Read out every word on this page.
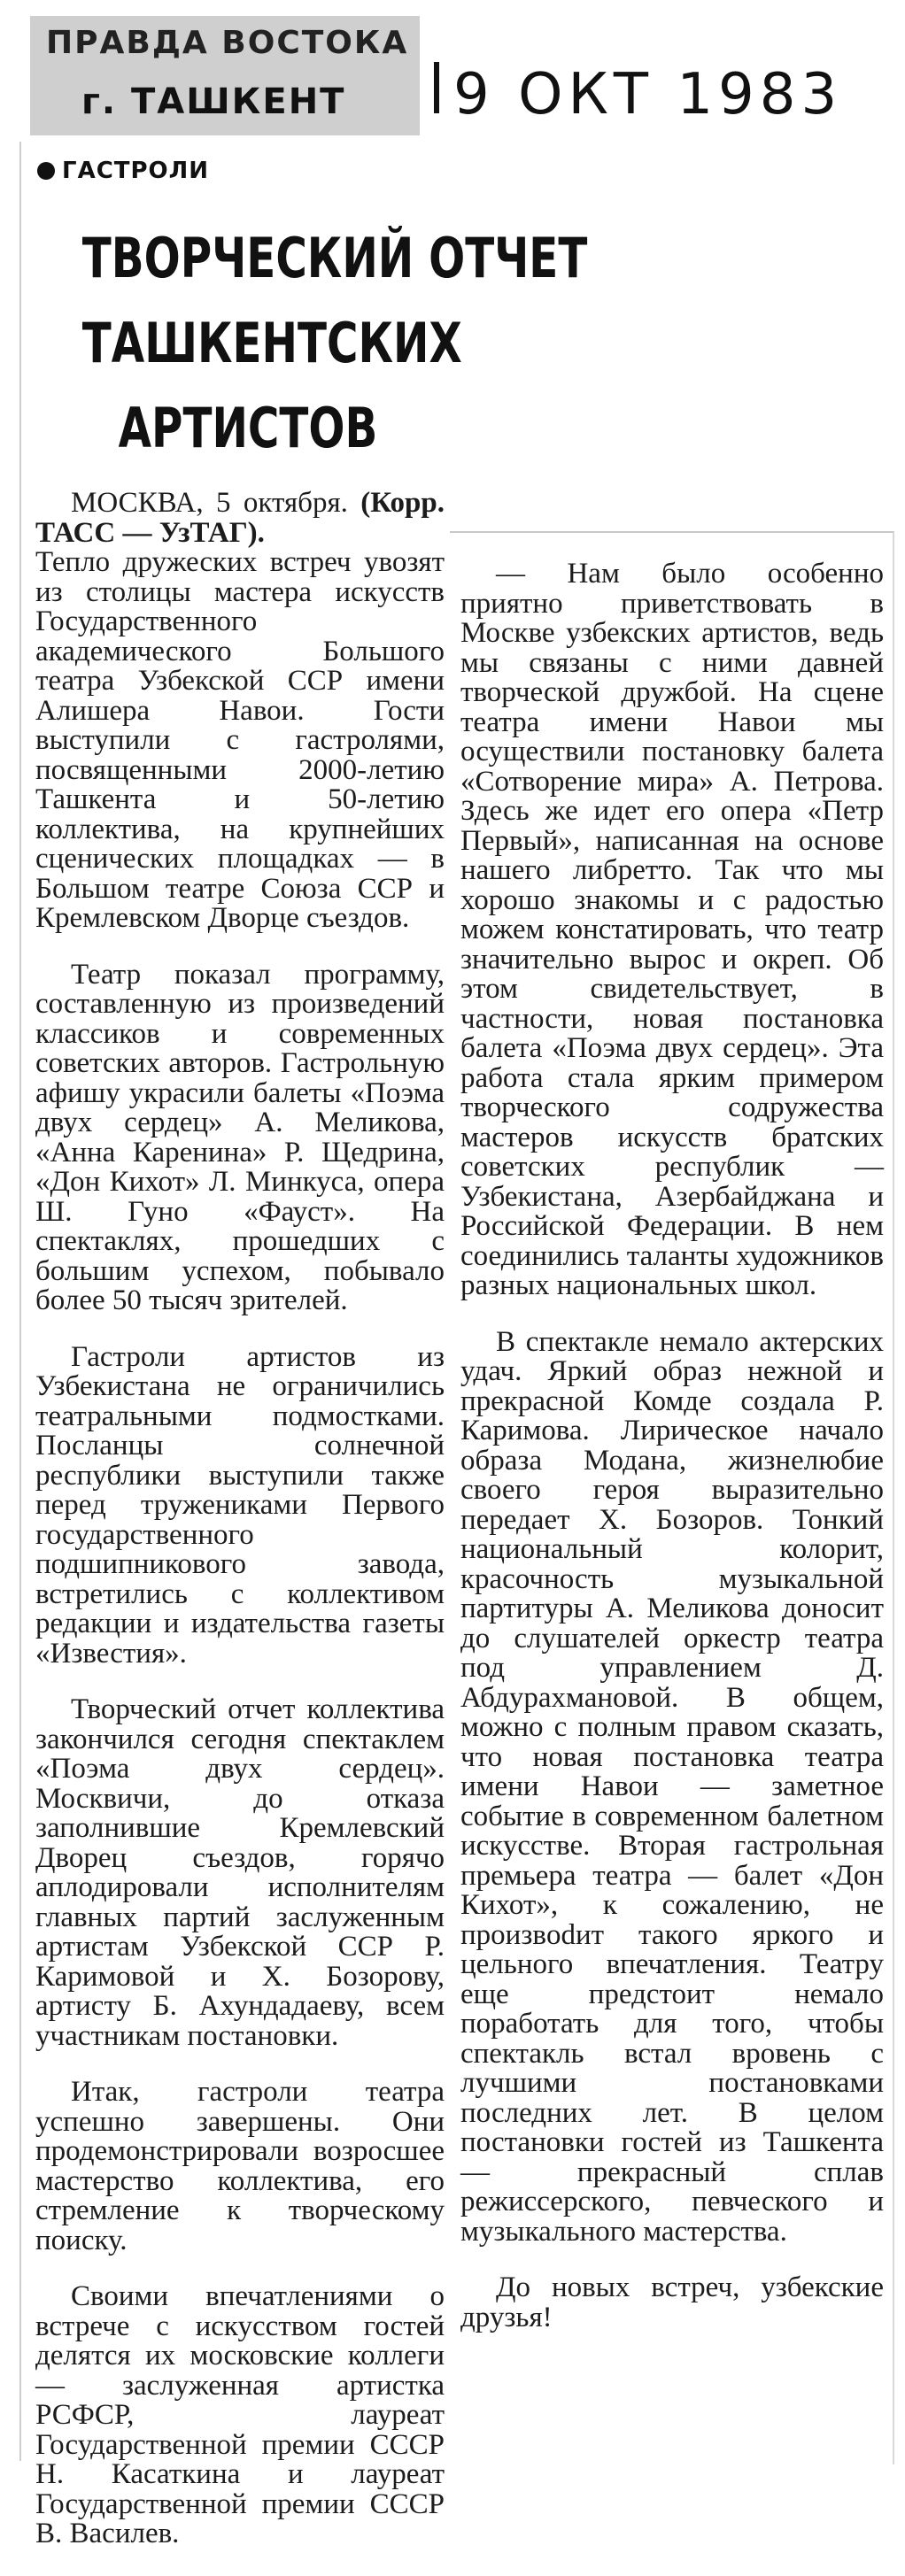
ПРАВДА ВОСТОКА
г. ТАШКЕНТ	9 ОКТ 1983
ГАСТРОЛИ
ТВОРЧЕСКИЙ ОТЧЕТ
ТАШКЕНТСКИХ
АРТИСТОВ

МОСКВА, 5 октября. (Корр. ТАСС — УзТАГ).

Тепло дружеских встреч увозят из столицы мастера искусств Государственного академического Большого театра Узбекской ССР имени Алишера Навои. Гости выступили с гастролями, посвященными 2000-летию Ташкента и 50-летию коллектива, на крупнейших сценических площадках — в Большом театре Союза ССР и Кремлевском Дворце съездов.

Театр показал программу, составленную из произведений классиков и современных советских авторов. Гастрольную афишу украсили балеты «Поэма двух сердец» А. Меликова, «Анна Каренина» Р. Щедрина, «Дон Кихот» Л. Минкуса, опера Ш. Гуно «Фауст». На спектаклях, прошедших с большим успехом, побывало более 50 тысяч зрителей.

Гастроли артистов из Узбекистана не ограничились театральными подмостками. Посланцы солнечной республики выступили также перед тружениками Первого государственного подшипникового завода, встретились с коллективом редакции и издательства газеты «Известия».

Творческий отчет коллектива закончился сегодня спектаклем «Поэма двух сердец». Москвичи, до отказа заполнившие Кремлевский Дворец съездов, горячо аплодировали исполнителям главных партий заслуженным артистам Узбекской ССР Р. Каримовой и Х. Бозорову, артисту Б. Ахундадаеву, всем участникам постановки.

Итак, гастроли театра успешно завершены. Они продемонстрировали возросшее мастерство коллектива, его стремление к творческому поиску.

Своими впечатлениями о встрече с искусством гостей делятся их московские коллеги — заслуженная артистка РСФСР, лауреат Государственной премии СССР Н. Касаткина и лауреат Государственной премии СССР В. Василев.

— Нам было особенно приятно приветствовать в Москве узбекских артистов, ведь мы связаны с ними давней творческой дружбой. На сцене театра имени Навои мы осуществили постановку балета «Сотворение мира» А. Петрова. Здесь же идет его опера «Петр Первый», написанная на основе нашего либретто. Так что мы хорошо знакомы и с радостью можем констатировать, что театр значительно вырос и окреп. Об этом свидетельствует, в частности, новая постановка балета «Поэма двух сердец». Эта работа стала ярким примером творческого содружества мастеров искусств братских советских республик — Узбекистана, Азербайджана и Российской Федерации. В нем соединились таланты художников разных национальных школ.

В спектакле немало актерских удач. Яркий образ нежной и прекрасной Комде создала Р. Каримова. Лирическое начало образа Модана, жизнелюбие своего героя выразительно передает Х. Бозоров. Тонкий национальный колорит, красочность музыкальной партитуры А. Меликова доносит до слушателей оркестр театра под управлением Д. Абдурахмановой. В общем, можно с полным правом сказать, что новая постановка театра имени Навои — заметное событие в современном балетном искусстве. Вторая гастрольная премьера театра — балет «Дон Кихот», к сожалению, не произвodит такого яркого и цельного впечатления. Театру еще предстоит немало поработать для того, чтобы спектакль встал вровень с лучшими постановками последних лет. В целом постановки гостей из Ташкента — прекрасный сплав режиссерского, певческого и музыкального мастерства.

До новых встреч, узбекские друзья!
